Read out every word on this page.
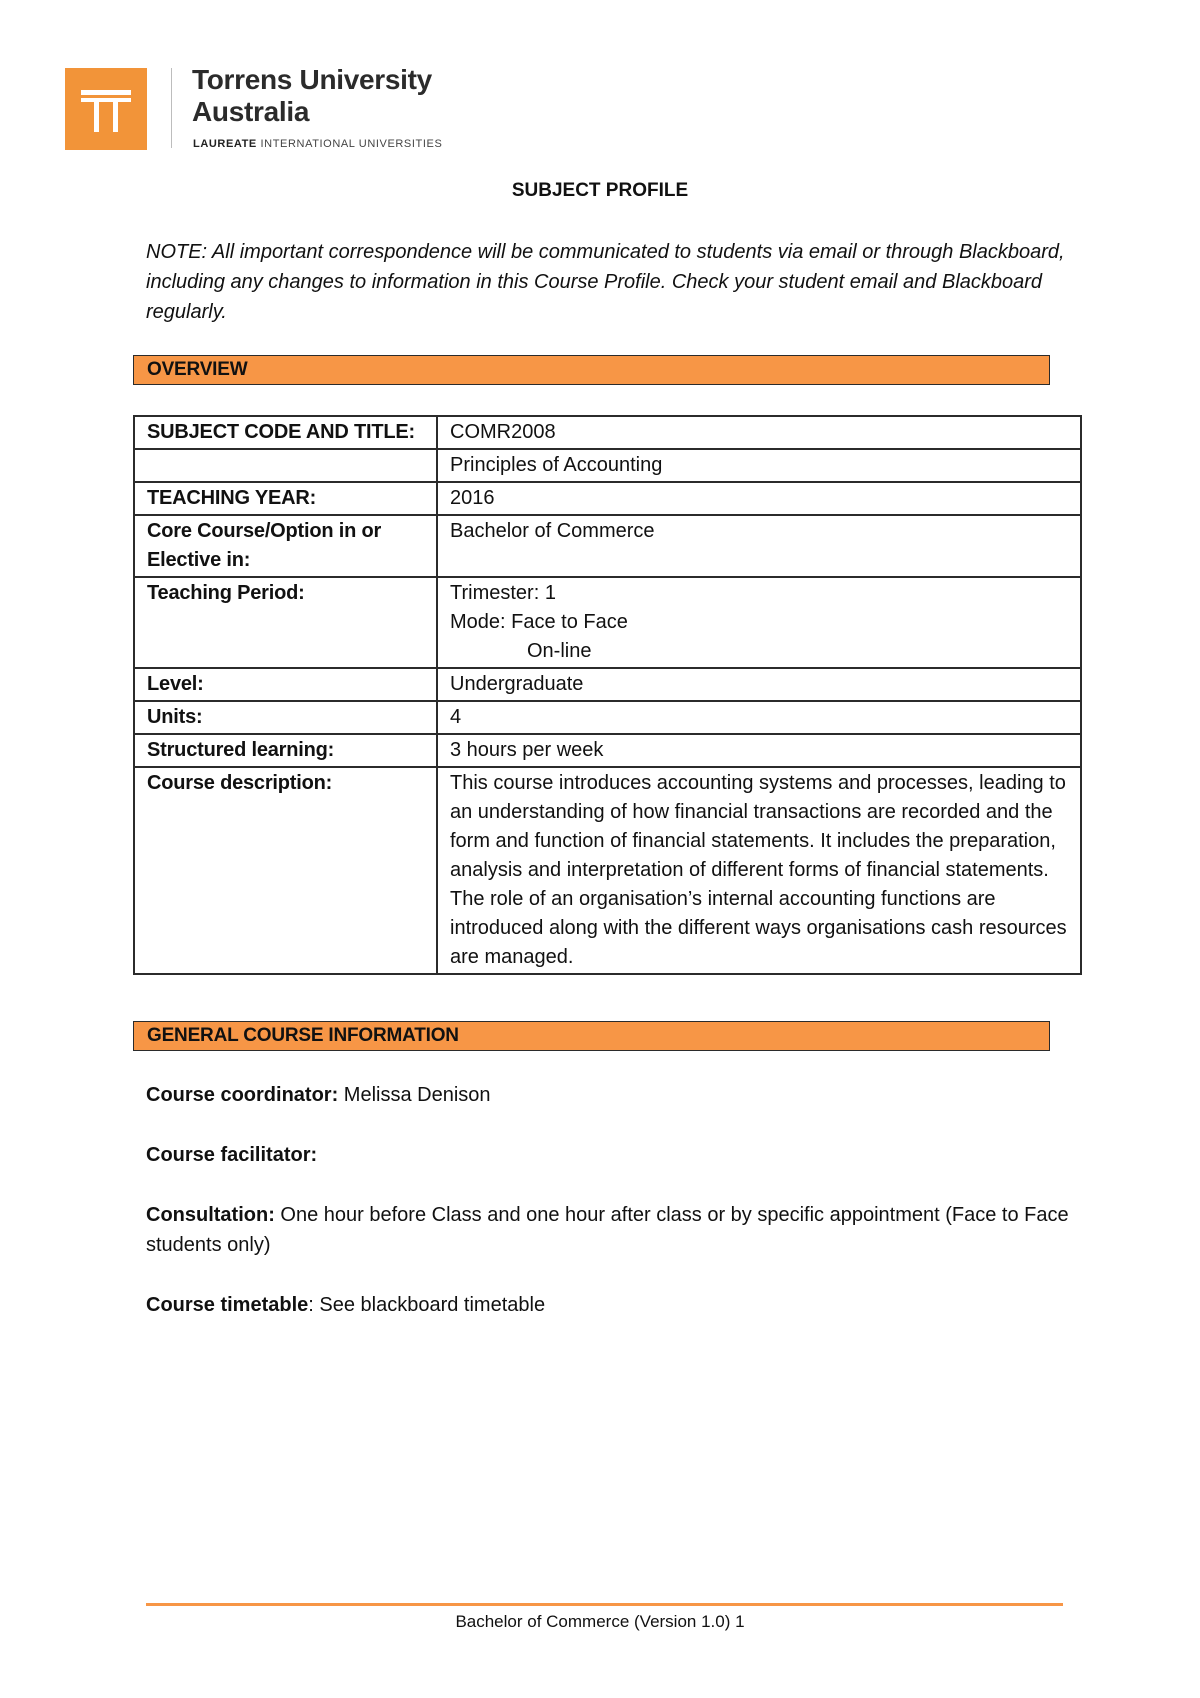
Torrens University
Australia
LAUREATE INTERNATIONAL UNIVERSITIES
SUBJECT PROFILE
NOTE: All important correspondence will be communicated to students via email or through Blackboard, including any changes to information in this Course Profile. Check your student email and Blackboard regularly.
OVERVIEW
SUBJECT CODE AND TITLE:	COMR2008
	Principles of Accounting
TEACHING YEAR:	2016
Core Course/Option in or Elective in:	Bachelor of Commerce
Teaching Period:	Trimester: 1
Mode: Face to Face
On-line

Level:	Undergraduate
Units:	4
Structured learning:	3 hours per week
Course description:	This course introduces accounting systems and processes, leading to an understanding of how financial transactions are recorded and the form and function of financial statements. It includes the preparation, analysis and interpretation of different forms of financial statements. The role of an organisation’s internal accounting functions are introduced along with the different ways organisations cash resources are managed.
GENERAL COURSE INFORMATION
Course coordinator: Melissa Denison
Course facilitator:
Consultation: One hour before Class and one hour after class or by specific appointment (Face to Face students only)
Course timetable: See blackboard timetable
Bachelor of Commerce (Version 1.0) 1
